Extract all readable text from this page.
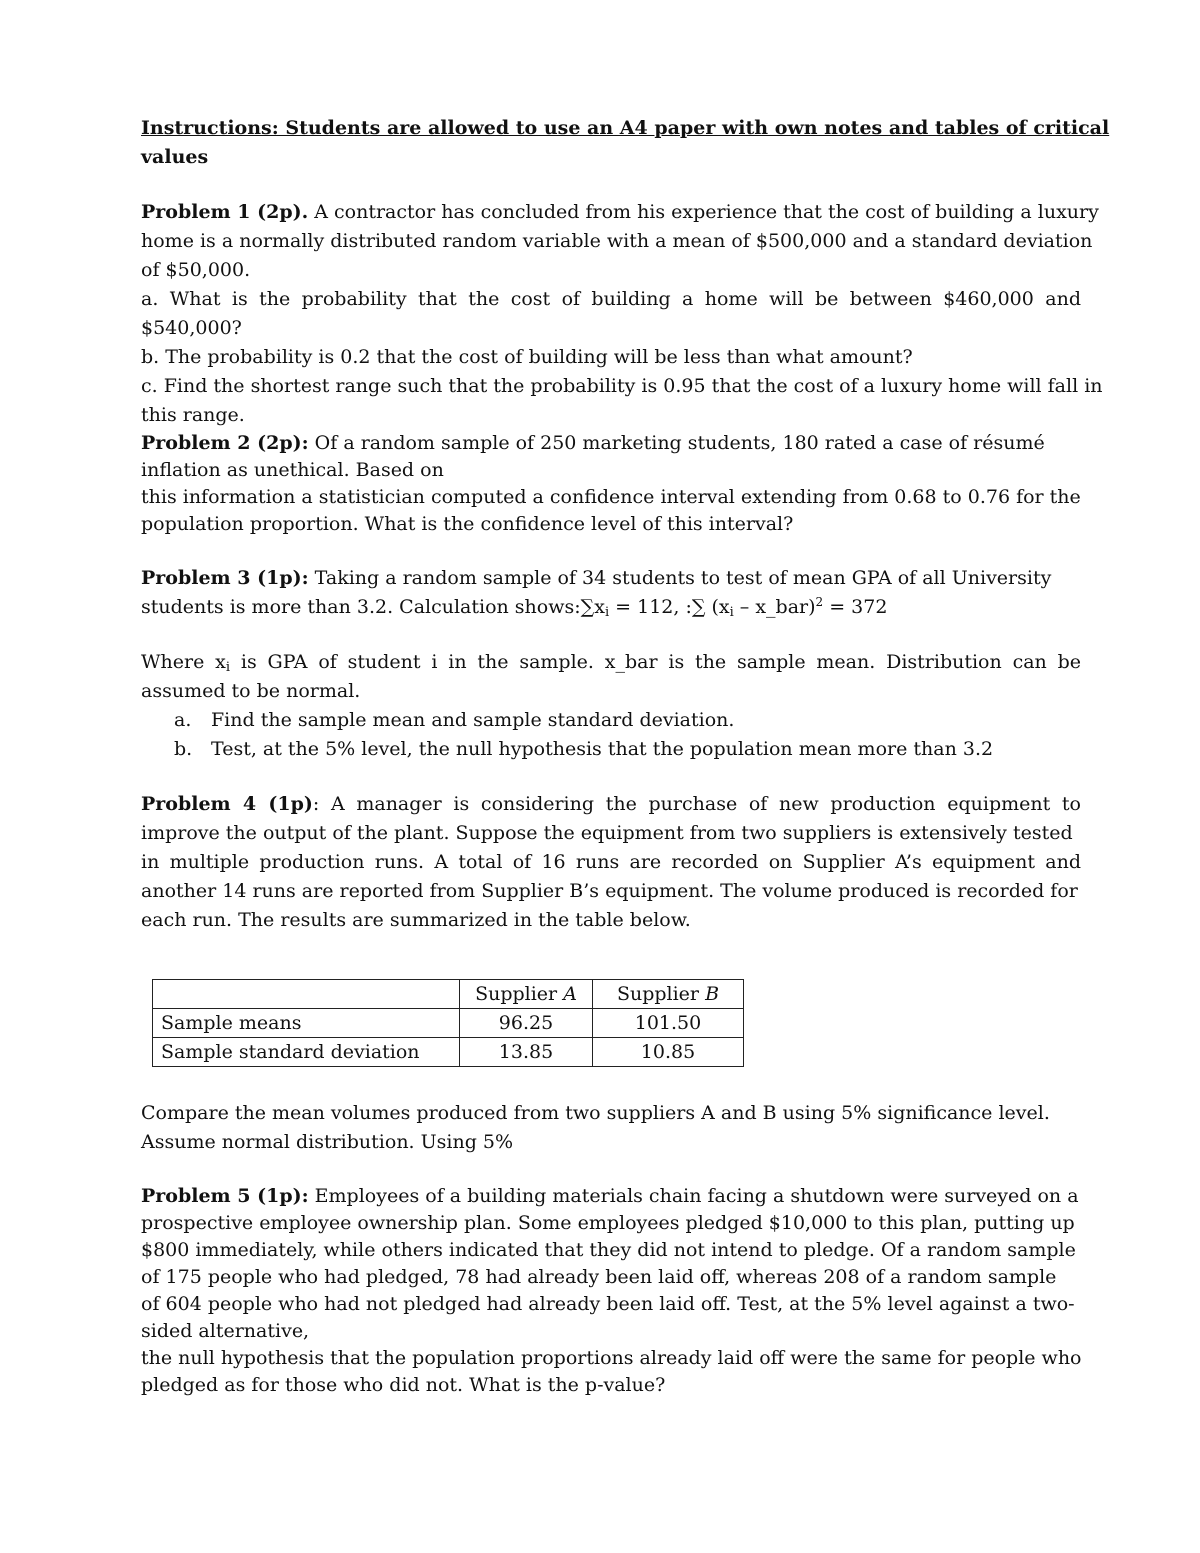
Instructions: Students are allowed to use an A4 paper with own notes and tables of critical
values
Problem 1 (2p). A contractor has concluded from his experience that the cost of building a luxury
home is a normally distributed random variable with a mean of $500,000 and a standard deviation
of $50,000.
a. What is the probability that the cost of building a home will be between $460,000 and
$540,000?
b. The probability is 0.2 that the cost of building will be less than what amount?
c. Find the shortest range such that the probability is 0.95 that the cost of a luxury home will fall in
this range.
Problem 2 (2p): Of a random sample of 250 marketing students, 180 rated a case of résumé
inflation as unethical. Based on
this information a statistician computed a confidence interval extending from 0.68 to 0.76 for the
population proportion. What is the confidence level of this interval?
Problem 3 (1p): Taking a random sample of 34 students to test of mean GPA of all University
students is more than 3.2. Calculation $shows:\sum x_i = 112$, :∑ ($x_i$ – x_bar)$^2$ = 372
Where $x_i$ is GPA of student i in the sample. x_bar is the sample mean. Distribution can be
assumed to be normal.
a. Find the sample mean and sample standard deviation.
b. Test, at the 5% level, the null hypothesis that the population mean more than 3.2
Problem 4 (1p): A manager is considering the purchase of new production equipment to
improve the output of the plant. Suppose the equipment from two suppliers is extensively tested
in multiple production runs. A total of 16 runs are recorded on Supplier A’s equipment and
another 14 runs are reported from Supplier B’s equipment. The volume produced is recorded for
each run. The results are summarized in the table below.
	Supplier A	Supplier B
Sample means	96.25	101.50
Sample standard deviation	13.85	10.85
Compare the mean volumes produced from two suppliers A and B using 5% significance level.
Assume normal distribution. Using 5%
Problem 5 (1p): Employees of a building materials chain facing a shutdown were surveyed on a
prospective employee ownership plan. Some employees pledged $10,000 to this plan, putting up
$800 immediately, while others indicated that they did not intend to pledge. Of a random sample
of 175 people who had pledged, 78 had already been laid off, whereas 208 of a random sample
of 604 people who had not pledged had already been laid off. Test, at the 5% level against a two-
sided alternative,
the null hypothesis that the population proportions already laid off were the same for people who
pledged as for those who did not. What is the p-value?
